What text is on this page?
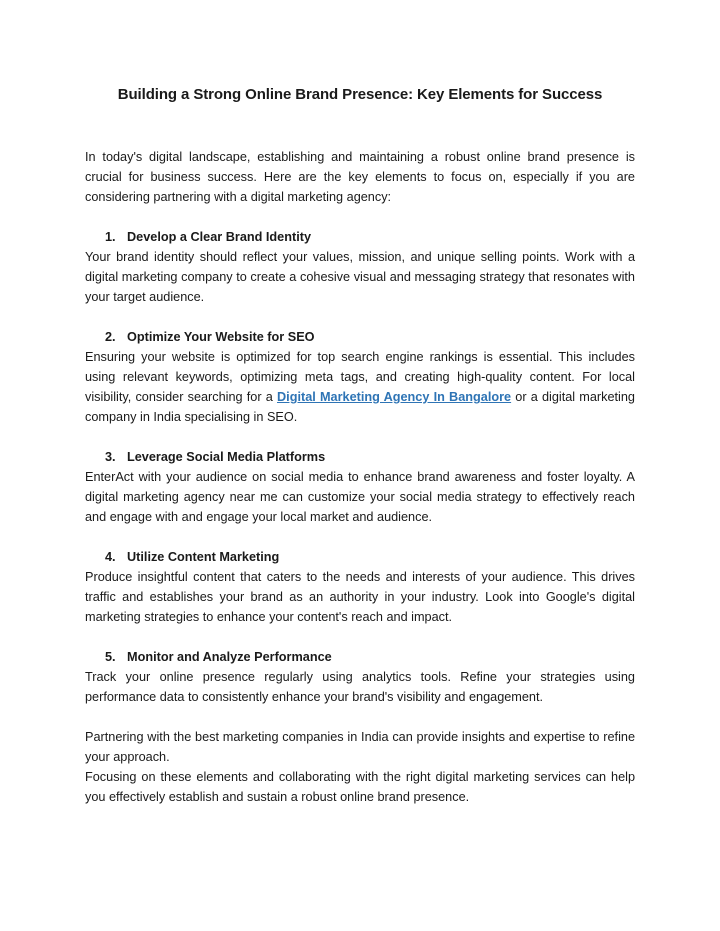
Building a Strong Online Brand Presence: Key Elements for Success

In today's digital landscape, establishing and maintaining a robust online brand presence is crucial for business success. Here are the key elements to focus on, especially if you are considering partnering with a digital marketing agency:

1. Develop a Clear Brand Identity

Your brand identity should reflect your values, mission, and unique selling points. Work with a digital marketing company to create a cohesive visual and messaging strategy that resonates with your target audience.

2. Optimize Your Website for SEO

Ensuring your website is optimized for top search engine rankings is essential. This includes using relevant keywords, optimizing meta tags, and creating high-quality content. For local visibility, consider searching for a Digital Marketing Agency In Bangalore or a digital marketing company in India specialising in SEO.

3. Leverage Social Media Platforms

EnterAct with your audience on social media to enhance brand awareness and foster loyalty. A digital marketing agency near me can customize your social media strategy to effectively reach and engage with and engage your local market and audience.

4. Utilize Content Marketing

Produce insightful content that caters to the needs and interests of your audience. This drives traffic and establishes your brand as an authority in your industry. Look into Google's digital marketing strategies to enhance your content's reach and impact.

5. Monitor and Analyze Performance

Track your online presence regularly using analytics tools. Refine your strategies using performance data to consistently enhance your brand's visibility and engagement.

Partnering with the best marketing companies in India can provide insights and expertise to refine your approach.

Focusing on these elements and collaborating with the right digital marketing services can help you effectively establish and sustain a robust online brand presence.
